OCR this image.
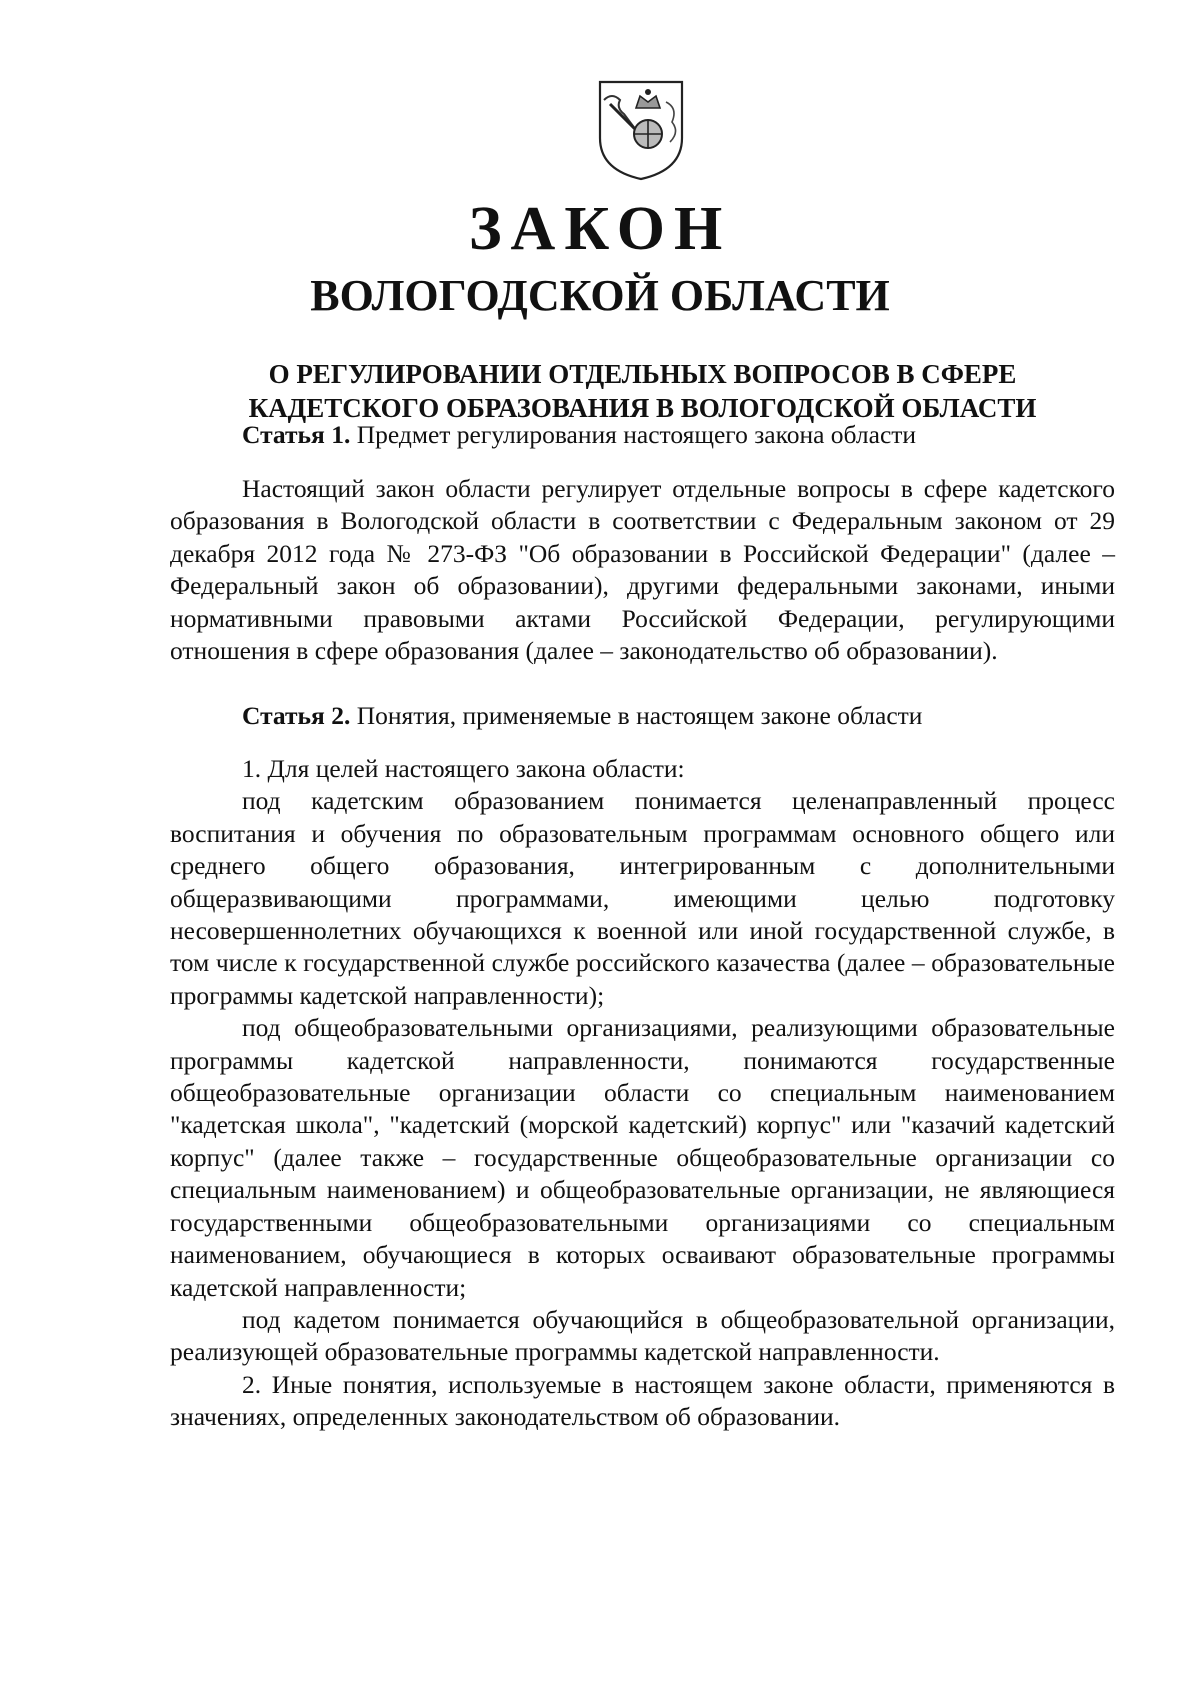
ЗАКОН
ВОЛОГОДСКОЙ ОБЛАСТИ
О РЕГУЛИРОВАНИИ ОТДЕЛЬНЫХ ВОПРОСОВ В СФЕРЕ
КАДЕТСКОГО ОБРАЗОВАНИЯ В ВОЛОГОДСКОЙ ОБЛАСТИ

Статья 1. Предмет регулирования настоящего закона области

Настоящий закон области регулирует отдельные вопросы в сфере кадетского образования в Вологодской области в соответствии с Федеральным законом от 29 декабря 2012 года № 273-ФЗ "Об образовании в Российской Федерации" (далее – Федеральный закон об образовании), другими федеральными законами, иными нормативными правовыми актами Российской Федерации, регулирующими отношения в сфере образования (далее – законодательство об образовании).

Статья 2. Понятия, применяемые в настоящем законе области

1. Для целей настоящего закона области:

под кадетским образованием понимается целенаправленный процесс воспитания и обучения по образовательным программам основного общего или среднего общего образования, интегрированным с дополнительными общеразвивающими программами, имеющими целью подготовку несовершеннолетних обучающихся к военной или иной государственной службе, в том числе к государственной службе российского казачества (далее – образовательные программы кадетской направленности);

под общеобразовательными организациями, реализующими образовательные программы кадетской направленности, понимаются государственные общеобразовательные организации области со специальным наименованием "кадетская школа", "кадетский (морской кадетский) корпус" или "казачий кадетский корпус" (далее также – государственные общеобразовательные организации со специальным наименованием) и общеобразовательные организации, не являющиеся государственными общеобразовательными организациями со специальным наименованием, обучающиеся в которых осваивают образовательные программы кадетской направленности;

под кадетом понимается обучающийся в общеобразовательной организации, реализующей образовательные программы кадетской направленности.

2. Иные понятия, используемые в настоящем законе области, применяются в значениях, определенных законодательством об образовании.
